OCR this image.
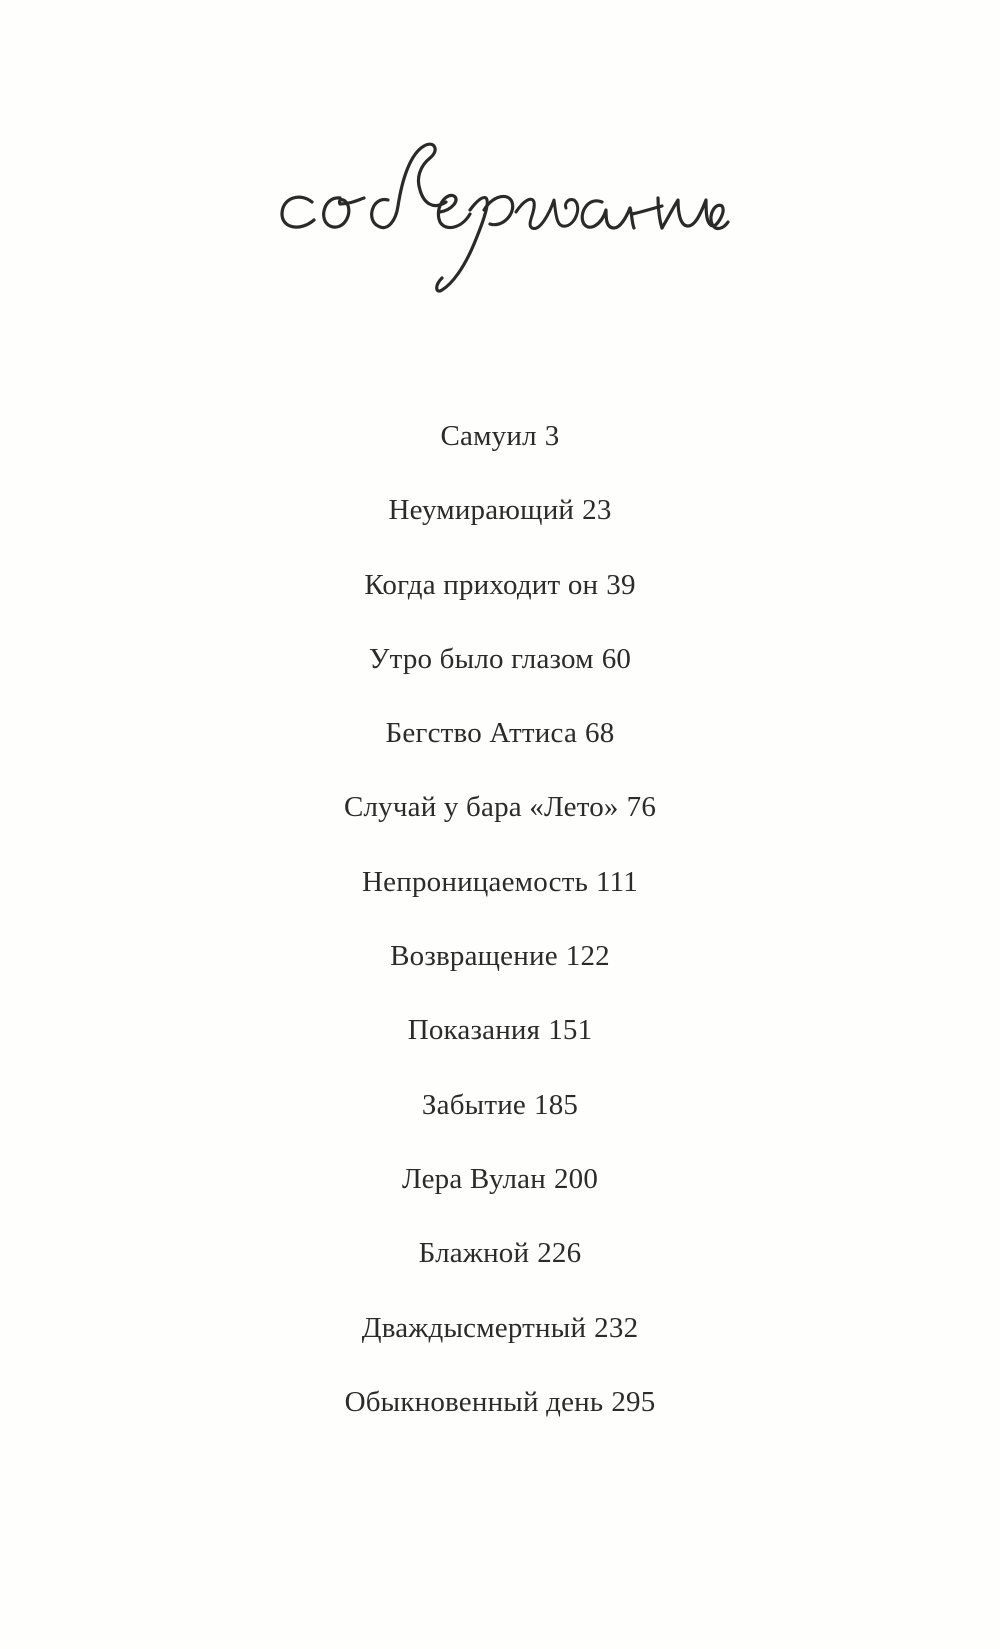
Самуил 3
Неумирающий 23
Когда приходит он 39
Утро было глазом 60
Бегство Аттиса 68
Случай у бара «Лето» 76
Непроницаемость 111
Возвращение 122
Показания 151
Забытие 185
Лера Вулан 200
Блажной 226
Дваждысмертный 232
Обыкновенный день 295
